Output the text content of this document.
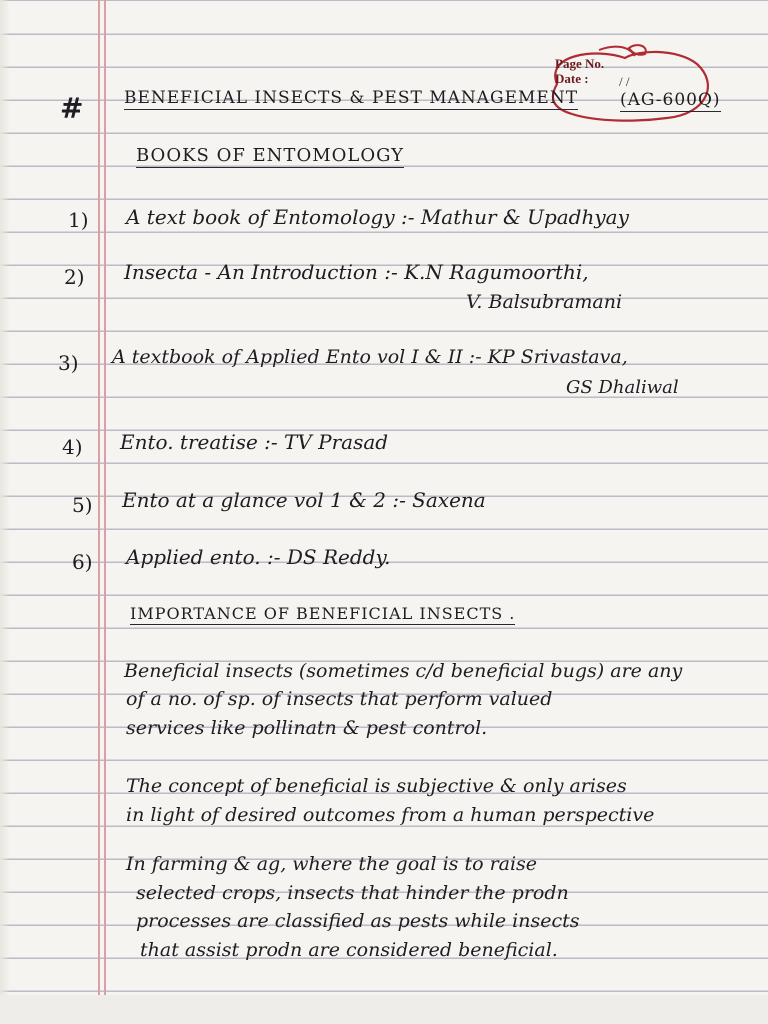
Page No.
Date : / /
# BENEFICIAL INSECTS & PEST MANAGEMENT (AG-600Q)
BOOKS OF ENTOMOLOGY
1) A text book of Entomology :- Mathur & Upadhyay
2) Insecta - An Introduction :- K.N Ragumoorthi,
V. Balsubramani
3) A textbook of Applied Ento vol I & II :- KP Srivastava,
GS Dhaliwal
4) Ento. treatise :- TV Prasad
5) Ento at a glance vol 1 & 2 :- Saxena
6) Applied ento. :- DS Reddy.
IMPORTANCE OF BENEFICIAL INSECTS .
Beneficial insects (sometimes c/d beneficial bugs) are any
of a no. of sp. of insects that perform valued
services like pollinatn & pest control.
The concept of beneficial is subjective & only arises
in light of desired outcomes from a human perspective
In farming & ag, where the goal is to raise
selected crops, insects that hinder the prodn
processes are classified as pests while insects
that assist prodn are considered beneficial.
